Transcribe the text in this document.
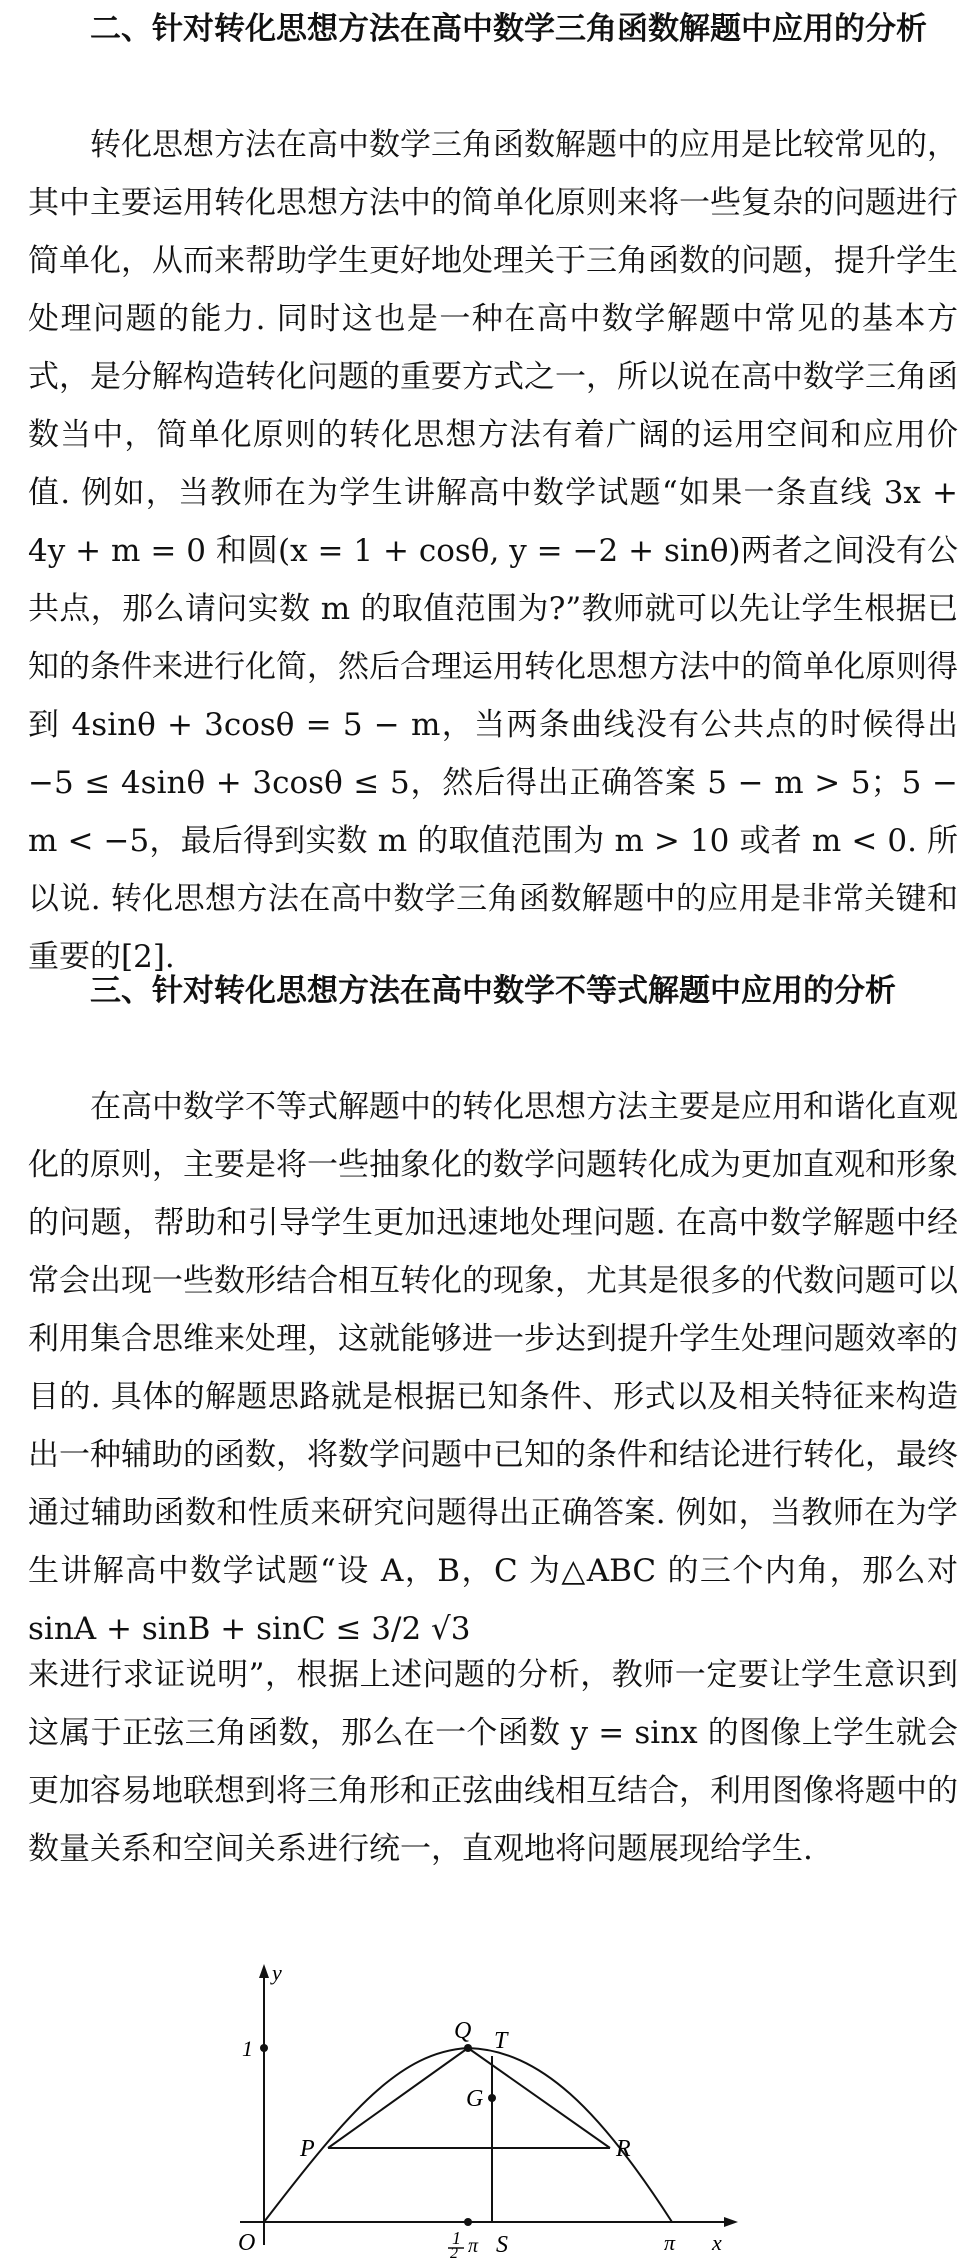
二、针对转化思想方法在高中数学三角函数解题中应用的分析

转化思想方法在高中数学三角函数解题中的应用是比较常见的，其中主要运用转化思想方法中的简单化原则来将一些复杂的问题进行简单化，从而来帮助学生更好地处理关于三角函数的问题，提升学生处理问题的能力. 同时这也是一种在高中数学解题中常见的基本方式，是分解构造转化问题的重要方式之一，所以说在高中数学三角函数当中，简单化原则的转化思想方法有着广阔的运用空间和应用价值. 例如，当教师在为学生讲解高中数学试题“如果一条直线 3x + 4y + m = 0 和圆(x = 1 + cosθ, y = −2 + sinθ)两者之间没有公共点，那么请问实数 m 的取值范围为?”教师就可以先让学生根据已知的条件来进行化简，然后合理运用转化思想方法中的简单化原则得到 4sinθ + 3cosθ = 5 − m，当两条曲线没有公共点的时候得出 −5 ≤ 4sinθ + 3cosθ ≤ 5，然后得出正确答案 5 − m > 5；5 − m < −5，最后得到实数 m 的取值范围为 m > 10 或者 m < 0. 所以说. 转化思想方法在高中数学三角函数解题中的应用是非常关键和重要的[2].

三、针对转化思想方法在高中数学不等式解题中应用的分析

在高中数学不等式解题中的转化思想方法主要是应用和谐化直观化的原则，主要是将一些抽象化的数学问题转化成为更加直观和形象的问题，帮助和引导学生更加迅速地处理问题. 在高中数学解题中经常会出现一些数形结合相互转化的现象，尤其是很多的代数问题可以利用集合思维来处理，这就能够进一步达到提升学生处理问题效率的目的. 具体的解题思路就是根据已知条件、形式以及相关特征来构造出一种辅助的函数，将数学问题中已知的条件和结论进行转化，最终通过辅助函数和性质来研究问题得出正确答案. 例如，当教师在为学生讲解高中数学试题“设 A，B，C 为△ABC 的三个内角，那么对 sinA + sinB + sinC ≤ 3/2 √3

来进行求证说明”，根据上述问题的分析，教师一定要让学生意识到这属于正弦三角函数，那么在一个函数 y = sinx 的图像上学生就会更加容易地联想到将三角形和正弦曲线相互结合，利用图像将题中的数量关系和空间关系进行统一，直观地将问题展现给学生.

y
x
O
1
P
Q T
G
R
S	π
1
2 π
